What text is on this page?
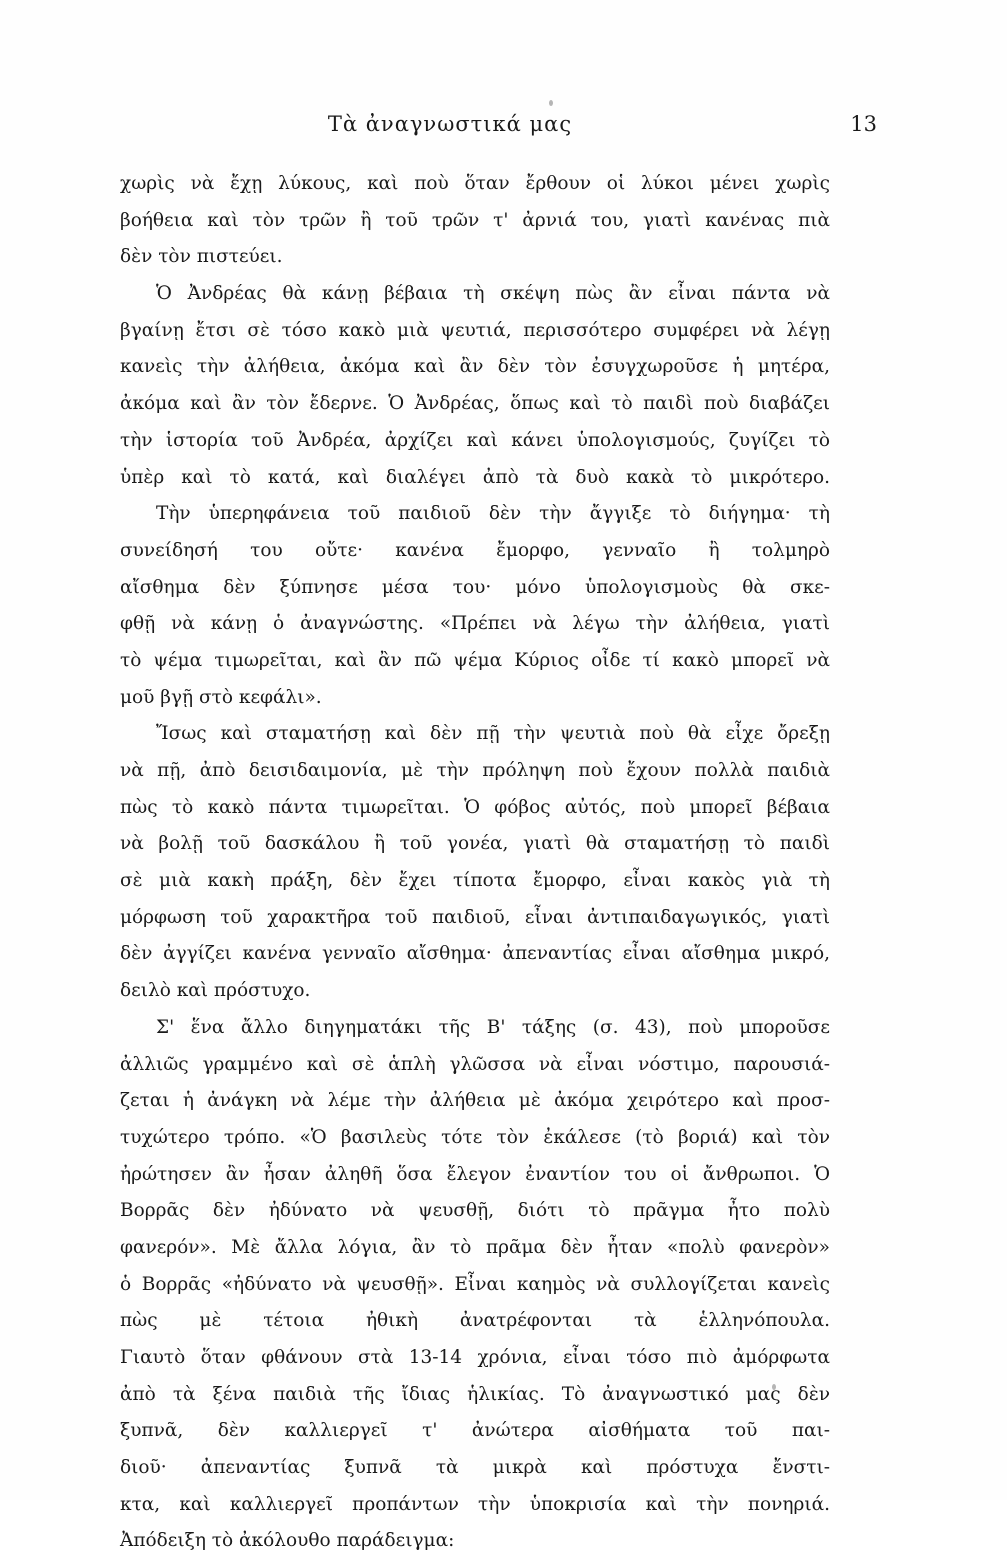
Τὰ ἀναγνωστικά μας	13
χωρὶς νὰ ἔχῃ λύκους, καὶ ποὺ ὅταν ἔρθουν οἱ λύκοι μένει χωρὶς
βοήθεια καὶ τὸν τρῶν ἢ τοῦ τρῶν τ' ἀρνιά του, γιατὶ κανένας πιὰ
δὲν τὸν πιστεύει.
Ὁ Ἀνδρέας θὰ κάνῃ βέβαια τὴ σκέψη πὼς ἂν εἶναι πάντα νὰ
βγαίνῃ ἔτσι σὲ τόσο κακὸ μιὰ ψευτιά, περισσότερο συμφέρει νὰ λέγῃ
κανεὶς τὴν ἀλήθεια, ἀκόμα καὶ ἂν δὲν τὸν ἐσυγχωροῦσε ἡ μητέρα,
ἀκόμα καὶ ἂν τὸν ἔδερνε. Ὁ Ἀνδρέας, ὅπως καὶ τὸ παιδὶ ποὺ διαβάζει
τὴν ἱστορία τοῦ Ἀνδρέα, ἀρχίζει καὶ κάνει ὑπολογισμούς, ζυγίζει τὸ
ὑπὲρ καὶ τὸ κατά, καὶ διαλέγει ἀπὸ τὰ δυὸ κακὰ τὸ μικρότερο.
Τὴν ὑπερηφάνεια τοῦ παιδιοῦ δὲν τὴν ἄγγιξε τὸ διήγημα· τὴ
συνείδησή του οὔτε· κανένα ἔμορφο, γενναῖο ἢ τολμηρὸ
αἴσθημα δὲν ξύπνησε μέσα του· μόνο ὑπολογισμοὺς θὰ σκε-
φθῇ νὰ κάνῃ ὁ ἀναγνώστης. «Πρέπει νὰ λέγω τὴν ἀλήθεια, γιατὶ
τὸ ψέμα τιμωρεῖται, καὶ ἂν πῶ ψέμα Κύριος οἶδε τί κακὸ μπορεῖ νὰ
μοῦ βγῇ στὸ κεφάλι».
Ἴσως καὶ σταματήσῃ καὶ δὲν πῇ τὴν ψευτιὰ ποὺ θὰ εἶχε ὄρεξῃ
νὰ πῇ, ἀπὸ δεισιδαιμονία, μὲ τὴν πρόληψη ποὺ ἔχουν πολλὰ παιδιὰ
πὼς τὸ κακὸ πάντα τιμωρεῖται. Ὁ φόβος αὐτός, ποὺ μπορεῖ βέβαια
νὰ βολῇ τοῦ δασκάλου ἢ τοῦ γονέα, γιατὶ θὰ σταματήσῃ τὸ παιδὶ
σὲ μιὰ κακὴ πράξη, δὲν ἔχει τίποτα ἔμορφο, εἶναι κακὸς γιὰ τὴ
μόρφωση τοῦ χαρακτῆρα τοῦ παιδιοῦ, εἶναι ἀντιπαιδαγωγικός, γιατὶ
δὲν ἀγγίζει κανένα γενναῖο αἴσθημα· ἀπεναντίας εἶναι αἴσθημα μικρό,
δειλὸ καὶ πρόστυχο.
Σ' ἕνα ἄλλο διηγηματάκι τῆς Β' τάξης (σ. 43), ποὺ μποροῦσε
ἀλλιῶς γραμμένο καὶ σὲ ἁπλὴ γλῶσσα νὰ εἶναι νόστιμο, παρουσιά-
ζεται ἡ ἀνάγκη νὰ λέμε τὴν ἀλήθεια μὲ ἀκόμα χειρότερο καὶ προσ-
τυχώτερο τρόπο. «Ὁ βασιλεὺς τότε τὸν ἐκάλεσε (τὸ βοριά) καὶ τὸν
ἠρώτησεν ἂν ἦσαν ἀληθῆ ὅσα ἔλεγον ἐναντίον του οἱ ἄνθρωποι. Ὁ
Βορρᾶς δὲν ἠδύνατο νὰ ψευσθῇ, διότι τὸ πρᾶγμα ἦτο πολὺ
φανερόν». Μὲ ἄλλα λόγια, ἂν τὸ πρᾶμα δὲν ἦταν «πολὺ φανερὸν»
ὁ Βορρᾶς «ἠδύνατο νὰ ψευσθῇ». Εἶναι καημὸς νὰ συλλογίζεται κανεὶς
πὼς μὲ τέτοια ἠθικὴ ἀνατρέφονται τὰ ἑλληνόπουλα.
Γιαυτὸ ὅταν φθάνουν στὰ 13-14 χρόνια, εἶναι τόσο πιὸ ἀμόρφωτα
ἀπὸ τὰ ξένα παιδιὰ τῆς ἴδιας ἡλικίας. Τὸ ἀναγνωστικό μας δὲν
ξυπνᾶ, δὲν καλλιεργεῖ τ' ἀνώτερα αἰσθήματα τοῦ παι-
διοῦ· ἀπεναντίας ξυπνᾶ τὰ μικρὰ καὶ πρόστυχα ἔνστι-
κτα, καὶ καλλιεργεῖ προπάντων τὴν ὑποκρισία καὶ τὴν πονηριά.
Ἀπόδειξη τὸ ἀκόλουθο παράδειγμα:
